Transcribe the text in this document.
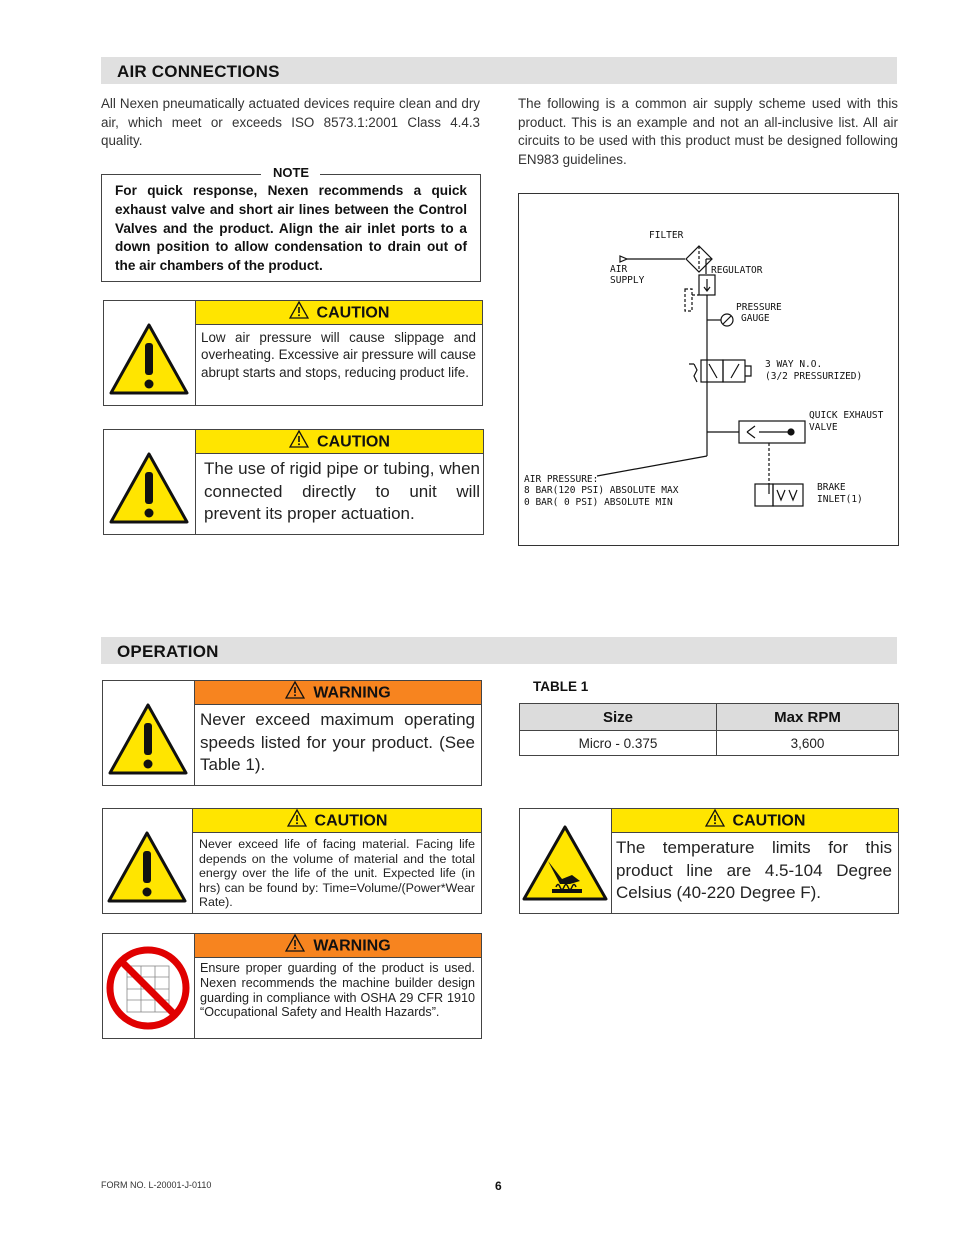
AIR CONNECTIONS
All Nexen pneumatically actuated devices require clean and dry air, which meet or exceeds ISO 8573.1:2001 Class 4.4.3 quality.
The following is a common air supply scheme used with this product. This is an example and not an all-inclusive list. All air circuits to be used with this product must be designed following EN983 guidelines.
NOTE
For quick response, Nexen recommends a quick exhaust valve and short air lines between the Control Valves and the product. Align the air inlet ports to a down position to allow condensation to drain out of the air chambers of the product.
CAUTION
Low air pressure will cause slippage and overheating. Excessive air pressure will cause abrupt starts and stops, reducing product life.
CAUTION
The use of rigid pipe or tubing, when connected directly to unit will prevent its proper actuation.
FILTER
AIR
SUPPLY
REGULATOR
PRESSURE
GAUGE
3 WAY N.O.
(3/2 PRESSURIZED)
QUICK EXHAUST
VALVE
AIR PRESSURE:
8 BAR(120 PSI) ABSOLUTE MAX
0 BAR( 0 PSI) ABSOLUTE MIN
BRAKE
INLET(1)
OPERATION
WARNING
Never exceed maximum operating speeds listed for your product. (See Table 1).
TABLE 1
Size	Max RPM
Micro - 0.375	3,600
CAUTION
Never exceed life of facing material. Facing life depends on the volume of material and the total energy over the life of the unit. Expected life (in hrs) can be found by: Time=Volume/(Power*Wear Rate).
CAUTION
The temperature limits for this product line are 4.5-104 Degree Celsius (40-220 Degree F).
WARNING
Ensure proper guarding of the product is used. Nexen recommends the machine builder design guarding in compliance with OSHA 29 CFR 1910 “Occupational Safety and Health Hazards”.
FORM NO. L-20001-J-0110	6
